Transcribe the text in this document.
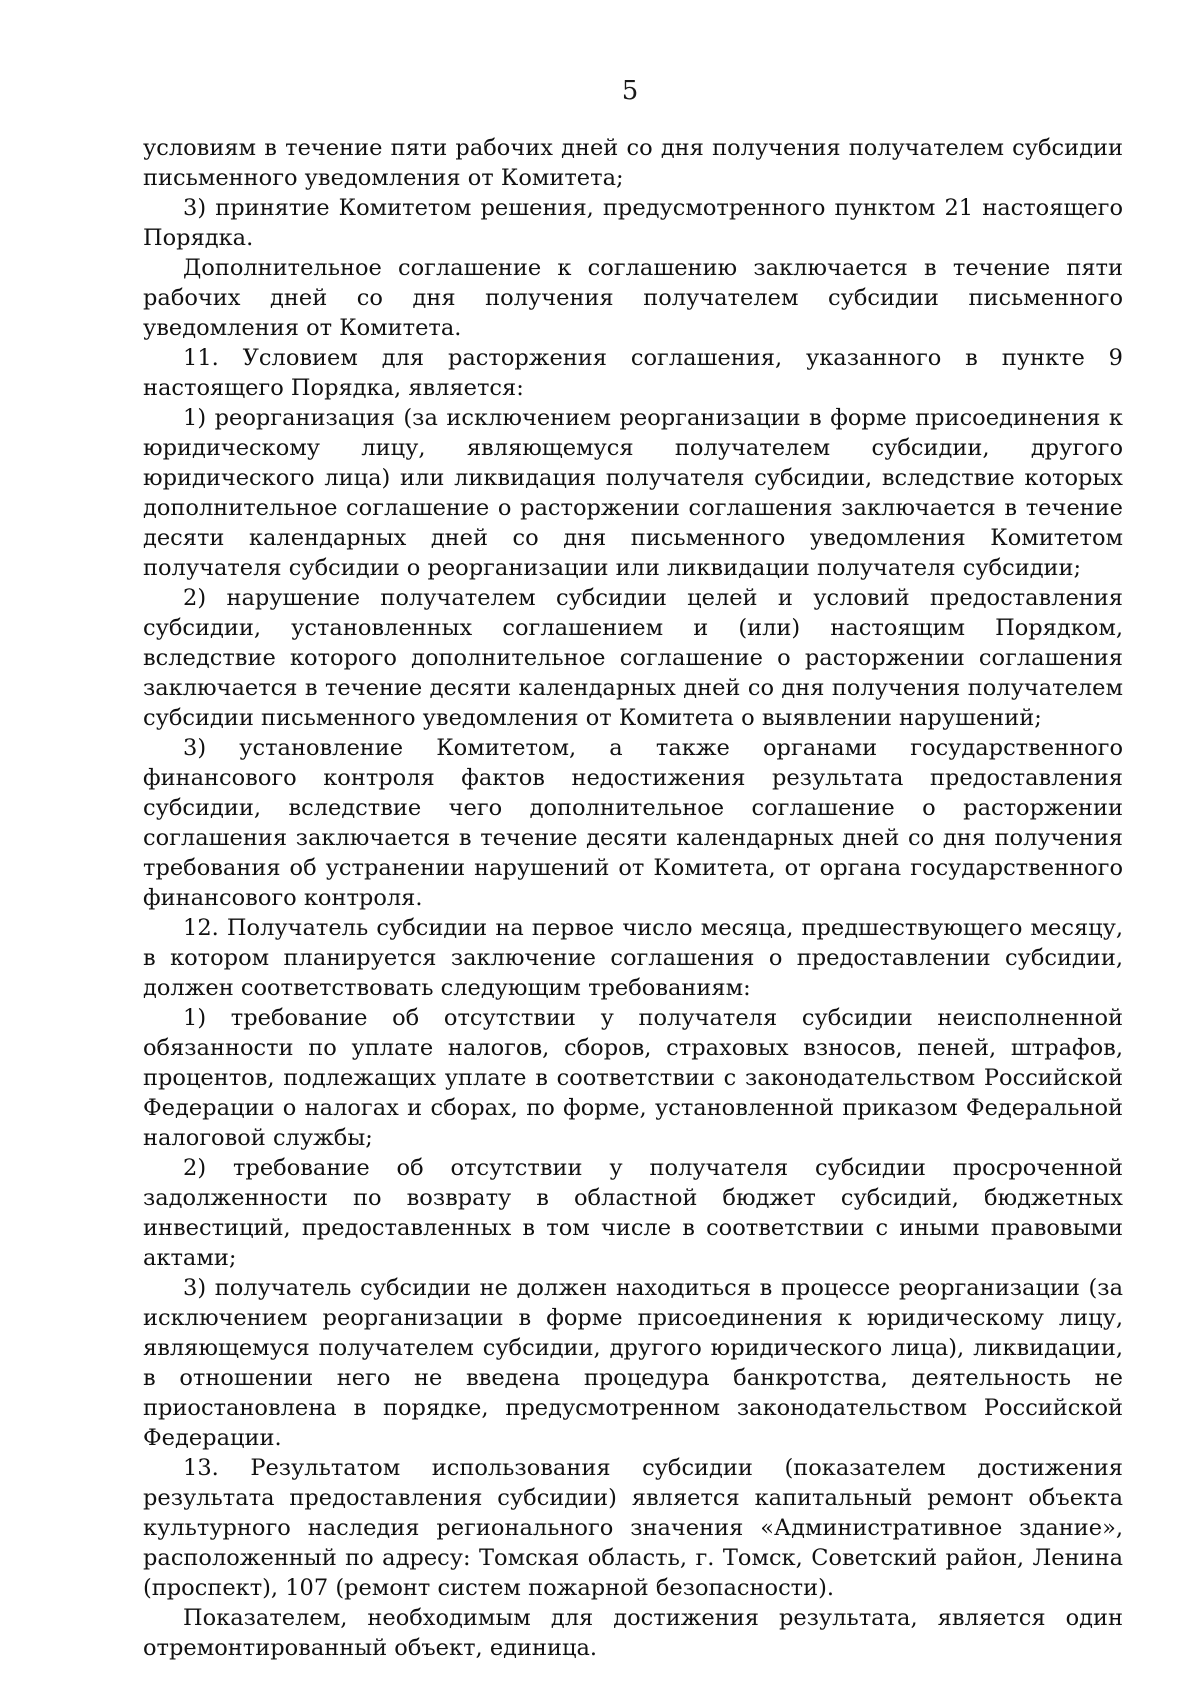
5

условиям в течение пяти рабочих дней со дня получения получателем субсидии письменного уведомления от Комитета;

3) принятие Комитетом решения, предусмотренного пунктом 21 настоящего Порядка.

Дополнительное соглашение к соглашению заключается в течение пяти рабочих дней со дня получения получателем субсидии письменного уведомления от Комитета.

11. Условием для расторжения соглашения, указанного в пункте 9 настоящего Порядка, является:

1) реорганизация (за исключением реорганизации в форме присоединения к юридическому лицу, являющемуся получателем субсидии, другого юридического лица) или ликвидация получателя субсидии, вследствие которых дополнительное соглашение о расторжении соглашения заключается в течение десяти календарных дней со дня письменного уведомления Комитетом получателя субсидии о реорганизации или ликвидации получателя субсидии;

2) нарушение получателем субсидии целей и условий предоставления субсидии, установленных соглашением и (или) настоящим Порядком, вследствие которого дополнительное соглашение о расторжении соглашения заключается в течение десяти календарных дней со дня получения получателем субсидии письменного уведомления от Комитета о выявлении нарушений;

3) установление Комитетом, а также органами государственного финансового контроля фактов недостижения результата предоставления субсидии, вследствие чего дополнительное соглашение о расторжении соглашения заключается в течение десяти календарных дней со дня получения требования об устранении нарушений от Комитета, от органа государственного финансового контроля.

12. Получатель субсидии на первое число месяца, предшествующего месяцу, в котором планируется заключение соглашения о предоставлении субсидии, должен соответствовать следующим требованиям:

1) требование об отсутствии у получателя субсидии неисполненной обязанности по уплате налогов, сборов, страховых взносов, пеней, штрафов, процентов, подлежащих уплате в соответствии с законодательством Российской Федерации о налогах и сборах, по форме, установленной приказом Федеральной налоговой службы;

2) требование об отсутствии у получателя субсидии просроченной задолженности по возврату в областной бюджет субсидий, бюджетных инвестиций, предоставленных в том числе в соответствии с иными правовыми актами;

3) получатель субсидии не должен находиться в процессе реорганизации (за исключением реорганизации в форме присоединения к юридическому лицу, являющемуся получателем субсидии, другого юридического лица), ликвидации, в отношении него не введена процедура банкротства, деятельность не приостановлена в порядке, предусмотренном законодательством Российской Федерации.

13. Результатом использования субсидии (показателем достижения результата предоставления субсидии) является капитальный ремонт объекта культурного наследия регионального значения «Административное здание», расположенный по адресу: Томская область, г. Томск, Советский район, Ленина (проспект), 107 (ремонт систем пожарной безопасности).

Показателем, необходимым для достижения результата, является один отремонтированный объект, единица.
